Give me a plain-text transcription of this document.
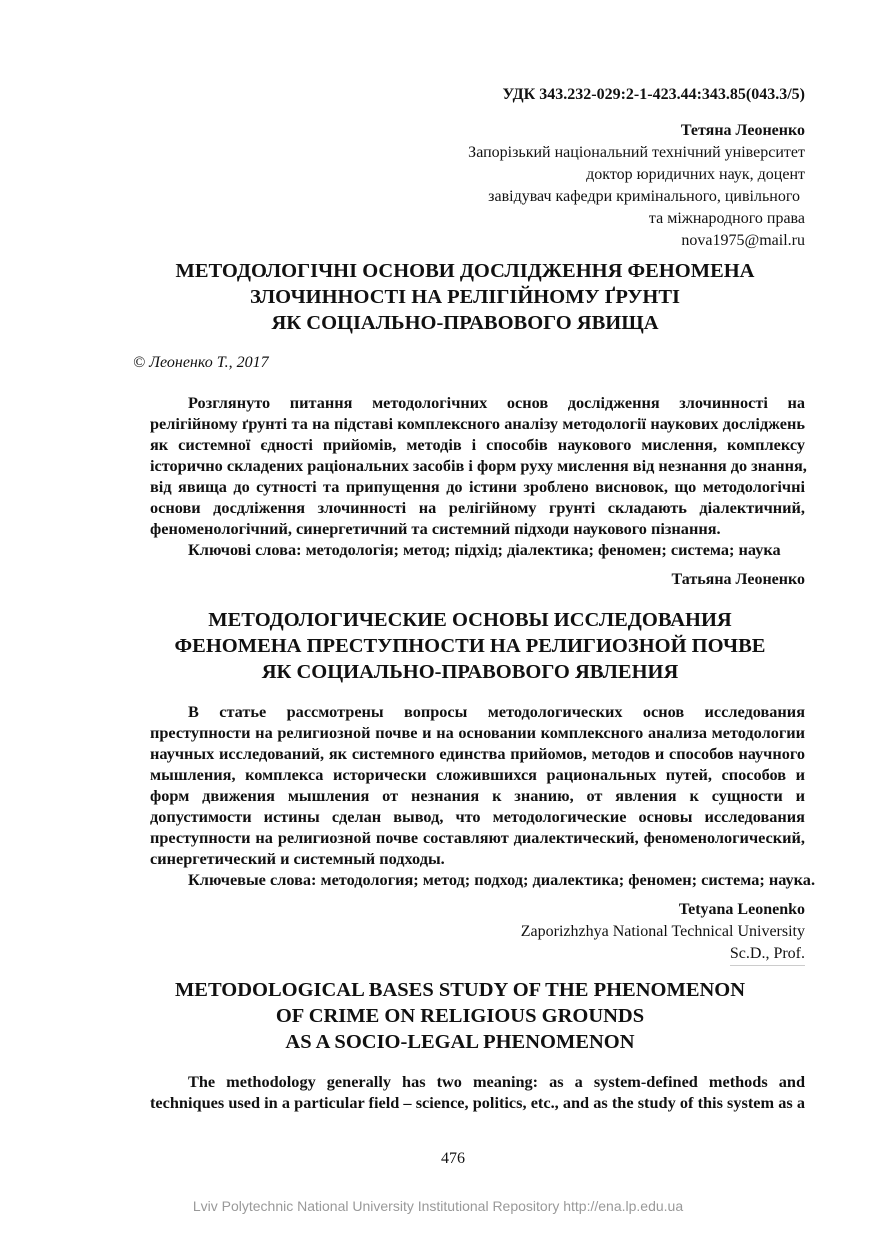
УДК 343.232-029:2-1-423.44:343.85(043.3/5)
Тетяна Леоненко
Запорізький національний технічний університет
доктор юридичних наук, доцент
завідувач кафедри кримінального, цивільного
та міжнародного права
nova1975@mail.ru
МЕТОДОЛОГІЧНІ ОСНОВИ ДОСЛІДЖЕННЯ ФЕНОМЕНА
ЗЛОЧИННОСТІ НА РЕЛІГІЙНОМУ ҐРУНТІ
ЯК СОЦІАЛЬНО-ПРАВОВОГО ЯВИЩА
© Леоненко Т., 2017
Розглянуто питання методологічних основ дослідження злочинності на
релігійному ґрунті та на підставі комплексного аналізу методології наукових досліджень
як системної єдності прийомів, методів і способів наукового мислення, комплексу
історично складених раціональних засобів і форм руху мислення від незнання до знання,
від явища до сутності та припущення до істини зроблено висновок, що методологічні
основи досдліження злочинності на релігійному грунті складають діалектичний,
феноменологічний, синергетичний та системний підходи наукового пізнання.
Ключові слова: методологія; метод; підхід; діалектика; феномен; система; наука
Татьяна Леоненко
МЕТОДОЛОГИЧЕСКИЕ ОСНОВЫ ИССЛЕДОВАНИЯ
ФЕНОМЕНА ПРЕСТУПНОСТИ НА РЕЛИГИОЗНОЙ ПОЧВЕ
ЯК СОЦИАЛЬНО-ПРАВОВОГО ЯВЛЕНИЯ
В статье рассмотрены вопросы методологических основ исследования
преступности на религиозной почве и на основании комплексного анализа методологии
научных исследований, як системного единства прийомов, методов и способов научного
мышления, комплекса исторически сложившихся рациональных путей, способов и
форм движения мышления от незнания к знанию, от явления к сущности и
допустимости истины сделан вывод, что методологические основы исследования
преступности на религиозной почве составляют диалектический, феноменологический,
синергетический и системный подходы.
Ключевые слова: методология; метод; подход; диалектика; феномен; система; наука.
Tetyana Leonenko
Zaporizhzhya National Technical University
Sc.D., Prof.
METODOLOGICAL BASES STUDY OF THE PHENOMENON
OF CRIME ON RELIGIOUS GROUNDS
AS A SOCIO-LEGAL PHENOMENON
The methodology generally has two meaning: as a system-defined methods and
techniques used in a particular field – science, politics, etc., and as the study of this system as a
476
Lviv Polytechnic National University Institutional Repository http://ena.lp.edu.ua
